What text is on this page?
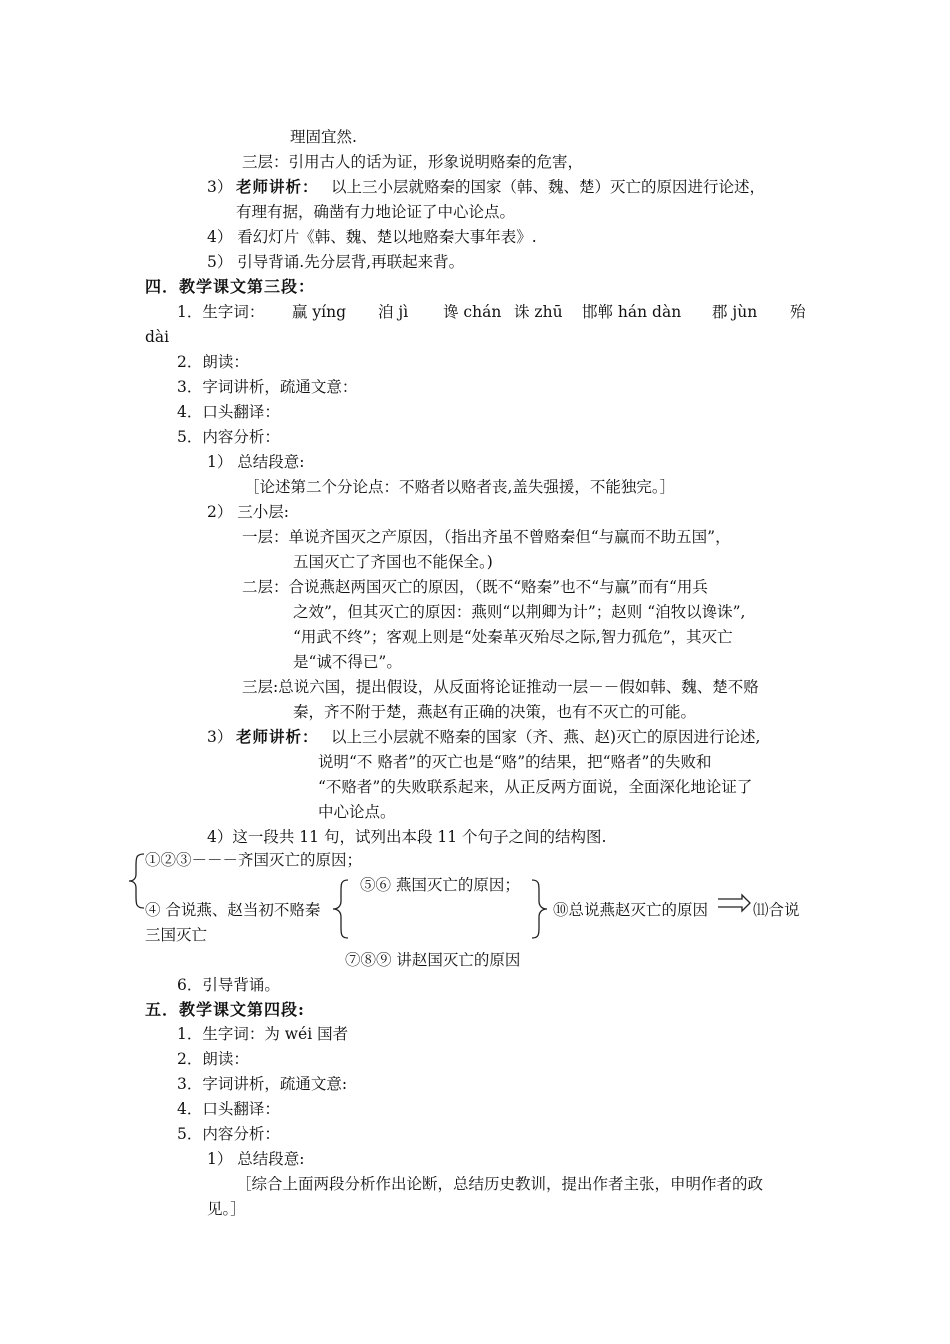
理固宜然.
三层：引用古人的话为证，形象说明赂秦的危害，
3） 老师讲析： 以上三小层就赂秦的国家（韩、魏、楚）灭亡的原因进行论述，
有理有据，确凿有力地论证了中心论点。
4） 看幻灯片《韩、魏、楚以地赂秦大事年表》.
5） 引导背诵.先分层背,再联起来背。
四．教学课文第三段：
1．生字词： 赢 yíng 洎 jì 谗 chán 诛 zhū 邯郸 hán dàn 郡 jùn 殆
dài
2．朗读：
3．字词讲析，疏通文意：
4．口头翻译：
5．内容分析：
1） 总结段意:
［论述第二个分论点：不赂者以赂者丧,盖失强援，不能独完。］
2） 三小层:
一层：单说齐国灭之产原因，（指出齐虽不曾赂秦但“与赢而不助五国”，
五国灭亡了齐国也不能保全。)
二层：合说燕赵两国灭亡的原因，（既不“赂秦”也不“与赢”而有“用兵
之效”，但其灭亡的原因：燕则“以荆卿为计”；赵则 “洎牧以谗诛”,
“用武不终”；客观上则是“处秦革灭殆尽之际,智力孤危”，其灭亡
是“诚不得已”。
三层:总说六国，提出假设，从反面将论证推动一层－－假如韩、魏、楚不赂
秦，齐不附于楚，燕赵有正确的决策，也有不灭亡的可能。
3） 老师讲析： 以上三小层就不赂秦的国家（齐、燕、赵)灭亡的原因进行论述,
说明“不 赂者”的灭亡也是“赂”的结果，把“赂者”的失败和
“不赂者”的失败联系起来，从正反两方面说，全面深化地论证了
中心论点。
4）这一段共 11 句，试列出本段 11 个句子之间的结构图.
①②③－－－齐国灭亡的原因；
⑤⑥ 燕国灭亡的原因；
④ 合说燕、赵当初不赂秦	⑩总说燕赵灭亡的原因	⑾合说
三国灭亡
⑦⑧⑨ 讲赵国灭亡的原因
6．引导背诵。
五．教学课文第四段:
1．生字词：为 wéi 国者
2．朗读：
3．字词讲析，疏通文意:
4．口头翻译：
5．内容分析：
1） 总结段意:
［综合上面两段分析作出论断，总结历史教训，提出作者主张，申明作者的政
见。］
